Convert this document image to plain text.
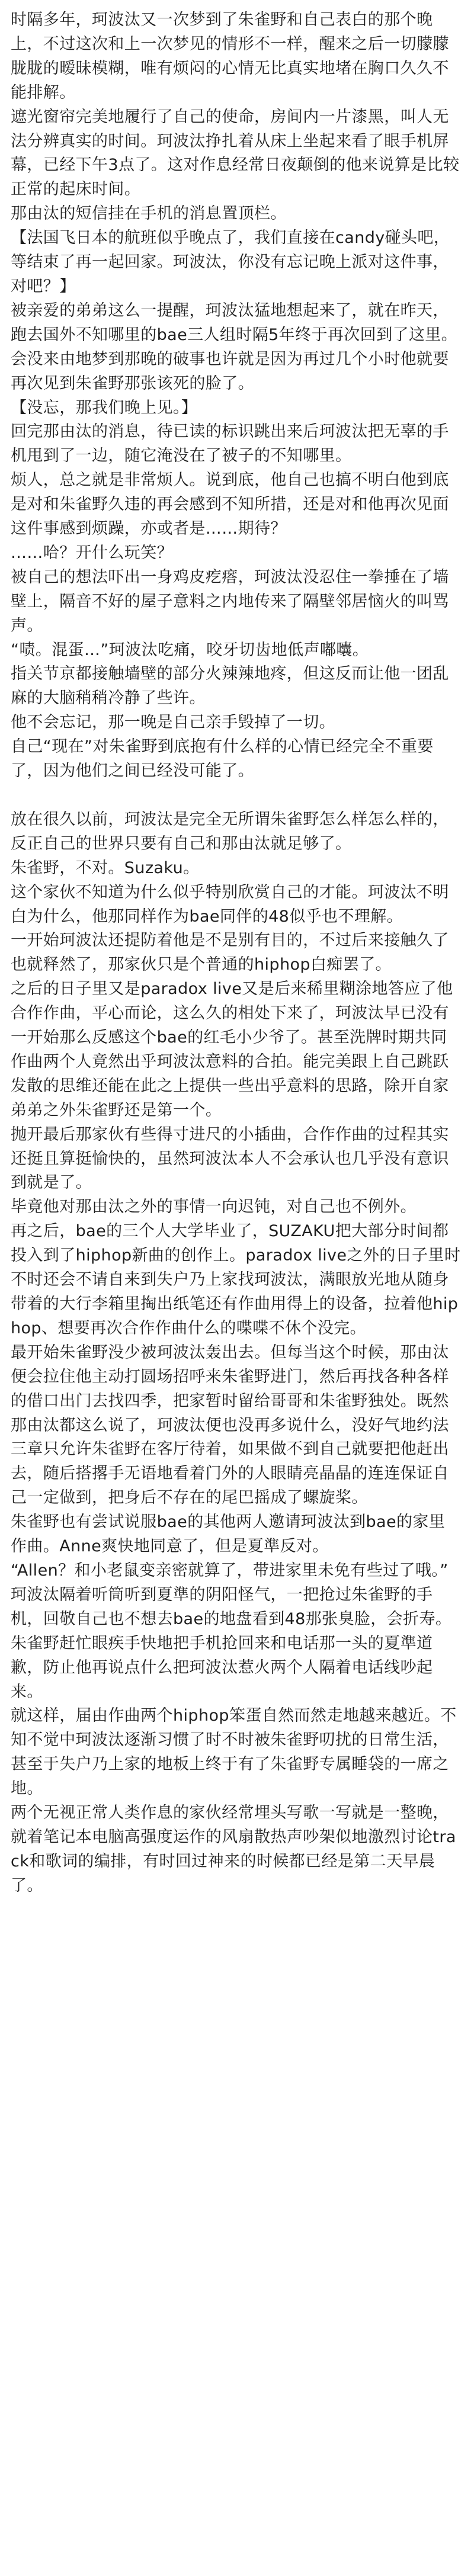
时隔多年，珂波汰又一次梦到了朱雀野和自己表白的那个晚上，不过这次和上一次梦见的情形不一样，醒来之后一切朦朦胧胧的暧昧模糊，唯有烦闷的心情无比真实地堵在胸口久久不能排解。

遮光窗帘完美地履行了自己的使命，房间内一片漆黑，叫人无法分辨真实的时间。珂波汰挣扎着从床上坐起来看了眼手机屏幕，已经下午3点了。这对作息经常日夜颠倒的他来说算是比较正常的起床时间。

那由汰的短信挂在手机的消息置顶栏。

【法国飞日本的航班似乎晚点了，我们直接在candy碰头吧，等结束了再一起回家。珂波汰，你没有忘记晚上派对这件事，对吧？】

被亲爱的弟弟这么一提醒，珂波汰猛地想起来了，就在昨天，跑去国外不知哪里的bae三人组时隔5年终于再次回到了这里。会没来由地梦到那晚的破事也许就是因为再过几个小时他就要再次见到朱雀野那张该死的脸了。

【没忘，那我们晚上见。】

回完那由汰的消息，待已读的标识跳出来后珂波汰把无辜的手机甩到了一边，随它淹没在了被子的不知哪里。

烦人，总之就是非常烦人。说到底，他自己也搞不明白他到底是对和朱雀野久违的再会感到不知所措，还是对和他再次见面这件事感到烦躁，亦或者是……期待？

……哈？开什么玩笑？

被自己的想法吓出一身鸡皮疙瘩，珂波汰没忍住一拳捶在了墙壁上，隔音不好的屋子意料之内地传来了隔壁邻居恼火的叫骂声。

“啧。混蛋…”珂波汰吃痛，咬牙切齿地低声嘟囔。

指关节京都接触墙壁的部分火辣辣地疼，但这反而让他一团乱麻的大脑稍稍冷静了些许。

他不会忘记，那一晚是自己亲手毁掉了一切。

自己“现在”对朱雀野到底抱有什么样的心情已经完全不重要了，因为他们之间已经没可能了。

放在很久以前，珂波汰是完全无所谓朱雀野怎么样怎么样的，反正自己的世界只要有自己和那由汰就足够了。

朱雀野，不对。Suzaku。

这个家伙不知道为什么似乎特别欣赏自己的才能。珂波汰不明白为什么，他那同样作为bae同伴的48似乎也不理解。

一开始珂波汰还提防着他是不是别有目的，不过后来接触久了也就释然了，那家伙只是个普通的hiphop白痴罢了。

之后的日子里又是paradox live又是后来稀里糊涂地答应了他合作作曲，平心而论，这么久的相处下来了，珂波汰早已没有一开始那么反感这个bae的红毛小少爷了。甚至洗牌时期共同作曲两个人竟然出乎珂波汰意料的合拍。能完美跟上自己跳跃发散的思维还能在此之上提供一些出乎意料的思路，除开自家弟弟之外朱雀野还是第一个。

抛开最后那家伙有些得寸进尺的小插曲，合作作曲的过程其实还挺且算挺愉快的，虽然珂波汰本人不会承认也几乎没有意识到就是了。

毕竟他对那由汰之外的事情一向迟钝，对自己也不例外。

再之后，bae的三个人大学毕业了，SUZAKU把大部分时间都投入到了hiphop新曲的创作上。paradox live之外的日子里时不时还会不请自来到失户乃上家找珂波汰，满眼放光地从随身带着的大行李箱里掏出纸笔还有作曲用得上的设备，拉着他hiphop、想要再次合作作曲什么的喋喋不休个没完。

最开始朱雀野没少被珂波汰轰出去。但每当这个时候，那由汰便会拉住他主动打圆场招呼来朱雀野进门，然后再找各种各样的借口出门去找四季，把家暂时留给哥哥和朱雀野独处。既然那由汰都这么说了，珂波汰便也没再多说什么，没好气地约法三章只允许朱雀野在客厅待着，如果做不到自己就要把他赶出去，随后搭撂手无语地看着门外的人眼睛亮晶晶的连连保证自己一定做到，把身后不存在的尾巴摇成了螺旋桨。

朱雀野也有尝试说服bae的其他两人邀请珂波汰到bae的家里作曲。Anne爽快地同意了，但是夏準反对。

“Allen？和小老鼠变亲密就算了，带进家里未免有些过了哦。”

珂波汰隔着听筒听到夏準的阴阳怪气，一把抢过朱雀野的手机，回敬自己也不想去bae的地盘看到48那张臭脸，会折寿。朱雀野赶忙眼疾手快地把手机抢回来和电话那一头的夏準道歉，防止他再说点什么把珂波汰惹火两个人隔着电话线吵起来。

就这样，届由作曲两个hiphop笨蛋自然而然走地越来越近。不知不觉中珂波汰逐渐习惯了时不时被朱雀野叨扰的日常生活，甚至于失户乃上家的地板上终于有了朱雀野专属睡袋的一席之地。

两个无视正常人类作息的家伙经常埋头写歌一写就是一整晚，就着笔记本电脑高强度运作的风扇散热声吵架似地激烈讨论track和歌词的编排，有时回过神来的时候都已经是第二天早晨了。
